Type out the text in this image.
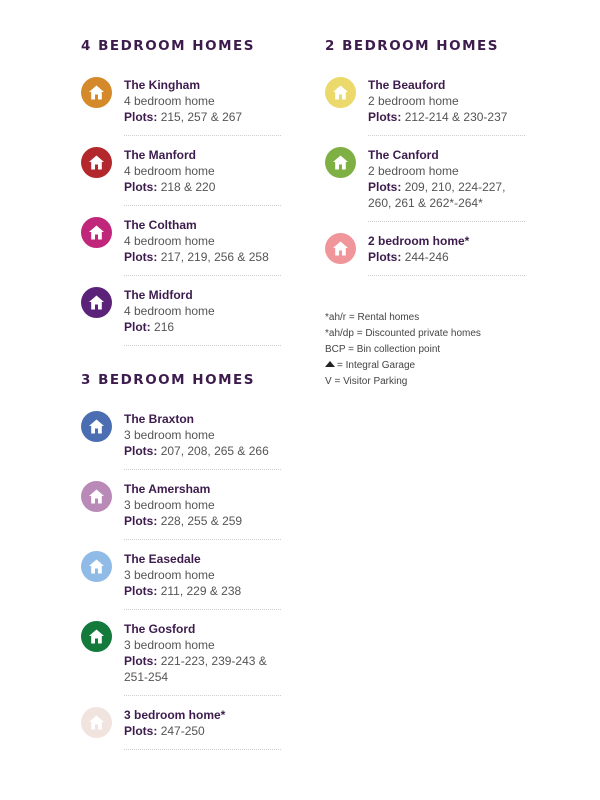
4 BEDROOM HOMES
The Kingham
4 bedroom home
Plots: 215, 257 & 267
The Manford
4 bedroom home
Plots: 218 & 220
The Coltham
4 bedroom home
Plots: 217, 219, 256 & 258
The Midford
4 bedroom home
Plot: 216
3 BEDROOM HOMES
The Braxton
3 bedroom home
Plots: 207, 208, 265 & 266
The Amersham
3 bedroom home
Plots: 228, 255 & 259
The Easedale
3 bedroom home
Plots: 211, 229 & 238
The Gosford
3 bedroom home
Plots: 221-223, 239-243 & 251-254
3 bedroom home*
Plots: 247-250
2 BEDROOM HOMES
The Beauford
2 bedroom home
Plots: 212-214 & 230-237
The Canford
2 bedroom home
Plots: 209, 210, 224-227, 260, 261 & 262*-264*
2 bedroom home*
Plots: 244-246
*ah/r = Rental homes
*ah/dp = Discounted private homes
BCP = Bin collection point
= Integral Garage
V = Visitor Parking
